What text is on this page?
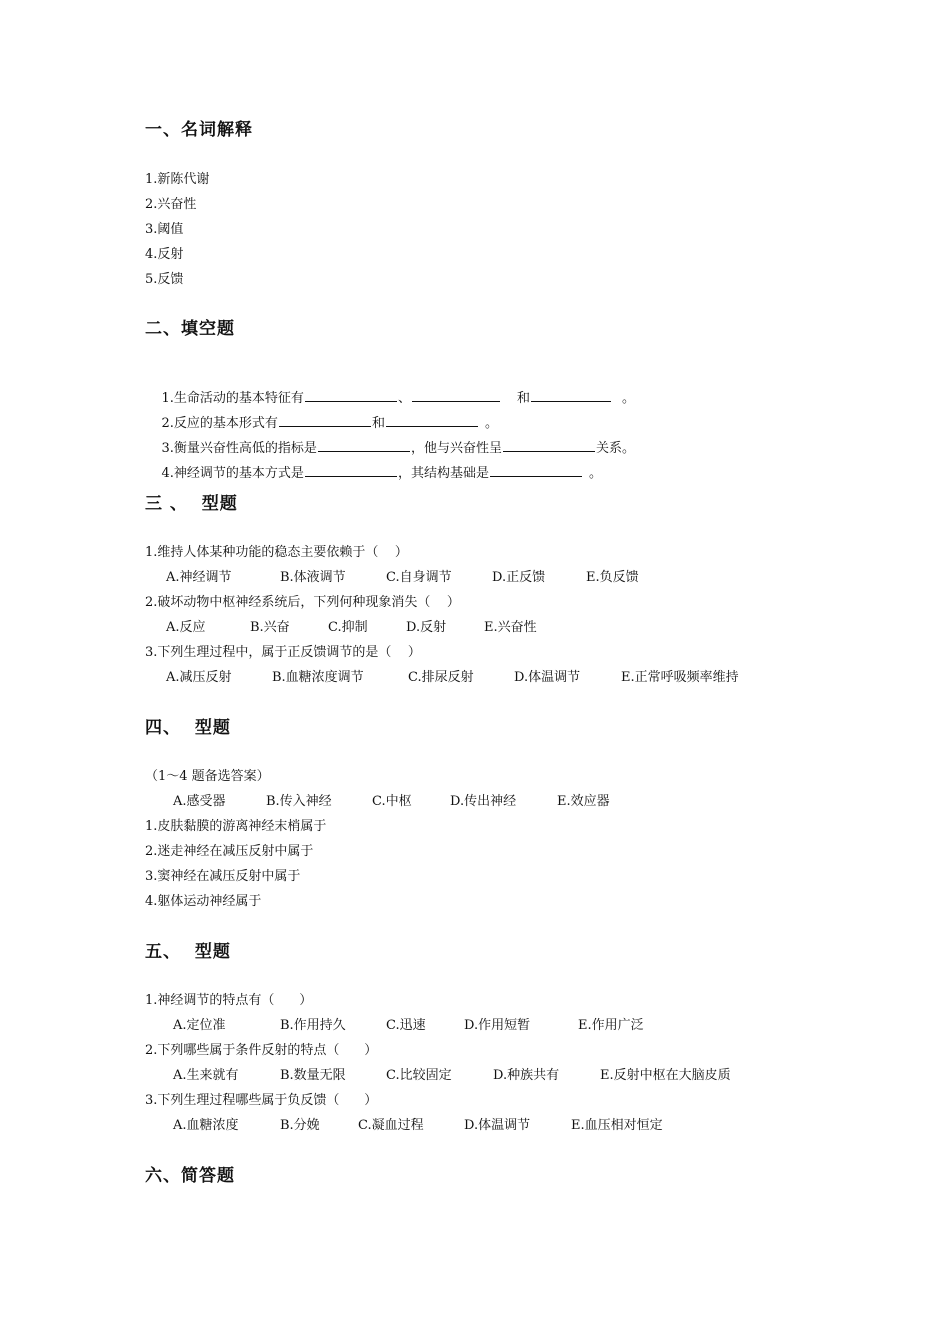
一、名词解释
1.新陈代谢
2.兴奋性
3.阈值
4.反射
5.反馈
二、填空题

1.生命活动的基本特征有	、	和	。

2.反应的基本形式有	和	。

3.衡量兴奋性高低的指标是	，他与兴奋性呈	关系。

4.神经调节的基本方式是	，其结构基础是	。

三 、  型题
1.维持人体某种功能的稳态主要依赖于（    ）
A.神经调节	B.体液调节	C.自身调节	D.正反馈	E.负反馈
2.破坏动物中枢神经系统后，下列何种现象消失（    ）
A.反应	B.兴奋	C.抑制	D.反射	E.兴奋性
3.下列生理过程中，属于正反馈调节的是（    ）
A.减压反射	B.血糖浓度调节	C.排尿反射	D.体温调节	E.正常呼吸频率维持
四、  型题
（1～4 题备选答案）
A.感受器	B.传入神经	C.中枢	D.传出神经	E.效应器
1.皮肤黏膜的游离神经末梢属于
2.迷走神经在减压反射中属于
3.窦神经在减压反射中属于
4.躯体运动神经属于
五、  型题
1.神经调节的特点有（      ）
A.定位准	B.作用持久	C.迅速	D.作用短暂	E.作用广泛
2.下列哪些属于条件反射的特点（      ）
A.生来就有	B.数量无限	C.比较固定	D.种族共有	E.反射中枢在大脑皮质
3.下列生理过程哪些属于负反馈（      ）
A.血糖浓度	B.分娩	C.凝血过程	D.体温调节	E.血压相对恒定
六、简答题
